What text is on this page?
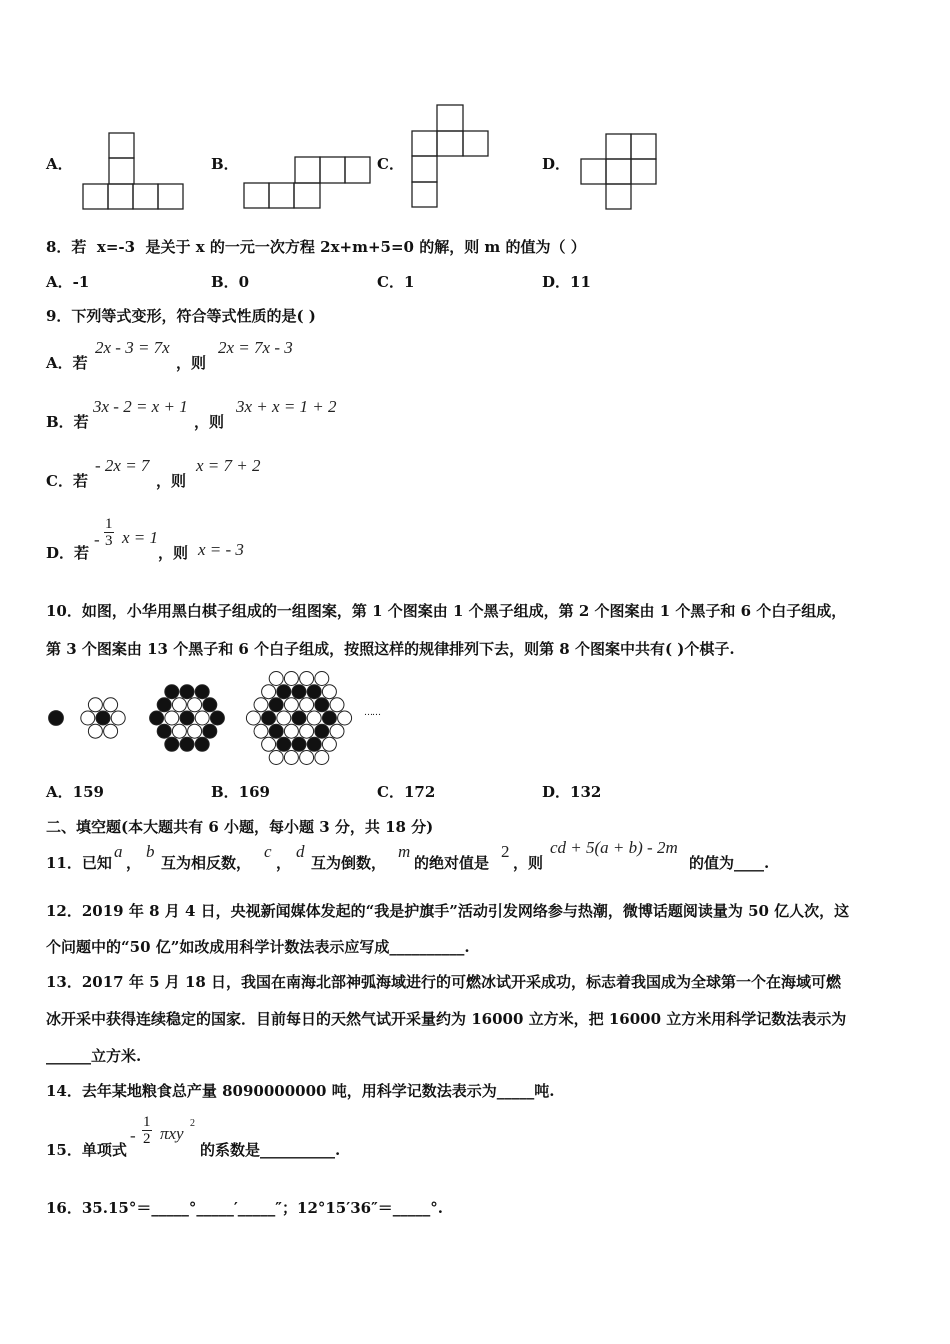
A．	B．	C．	D．
8．若 x=-3 是关于 x 的一元一次方程 2x+m+5=0 的解，则 m 的值为（ ）
A．-1	B．0	C．1	D．11
9．下列等式变形，符合等式性质的是( )
A．若
2x - 3 = 7x
，则
2x = 7x - 3
B．若
3x - 2 = x + 1
，则
3x + x = 1 + 2
C．若
- 2x = 7
，则
x = 7 + 2
D．若
- $\frac{1}{3}$ x = 1
，则 x = - 3
10．如图，小华用黑白棋子组成的一组图案，第 1 个图案由 1 个黑子组成，第 2 个图案由 1 个黑子和 6 个白子组成，
第 3 个图案由 13 个黑子和 6 个白子组成，按照这样的规律排列下去，则第 8 个图案中共有( )个棋子.
……
A．159	B．169	C．172	D．132
二、填空题(本大题共有 6 小题，每小题 3 分，共 18 分)
11．已知
a
，
b
互为相反数，
c
，
d
互为倒数，
m
的绝对值是
2
，则
cd + 5(a + b) - 2m
的值为____.
12．2019 年 8 月 4 日，央视新闻媒体发起的“我是护旗手”活动引发网络参与热潮，微博话题阅读量为 50 亿人次，这
个问题中的“50 亿”如改成用科学计数法表示应写成__________.
13．2017 年 5 月 18 日，我国在南海北部神弧海域进行的可燃冰试开采成功，标志着我国成为全球第一个在海域可燃
冰开采中获得连续稳定的国家．目前每日的天然气试开采量约为 16000 立方米，把 16000 立方米用科学记数法表示为
______立方米.
14．去年某地粮食总产量 8090000000 吨，用科学记数法表示为_____吨.
15．单项式
- $\frac{1}{2}$ πxy
2
的系数是__________.
16．35.15°＝_____°_____′_____″；12°15′36″＝_____°.
